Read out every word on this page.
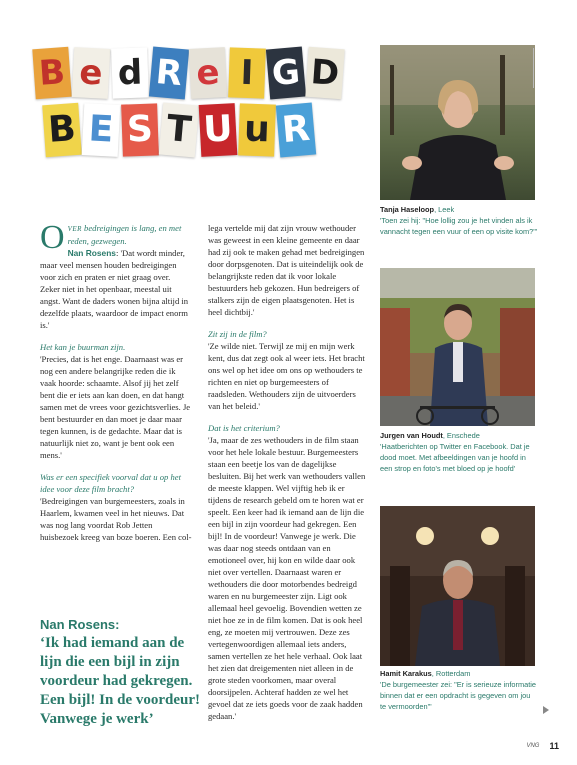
B e d R e I G D
B E S T U u R

OVER bedreigingen is lang, en met reden, gezwegen.
Nan Rosens: 'Dat wordt minder, maar veel mensen houden bedreigingen voor zich en praten er niet graag over. Zeker niet in het openbaar, meestal uit angst. Want de daders wonen bijna altijd in dezelfde plaats, waardoor de impact enorm is.'

Het kan je buurman zijn.
'Precies, dat is het enge. Daarnaast was er nog een andere belangrijke reden die ik vaak hoorde: schaamte. Alsof jij het zelf bent die er iets aan kan doen, en dat hangt samen met de vrees voor gezichtsverlies. Je bent bestuurder en dan moet je daar maar tegen kunnen, is de gedachte. Maar dat is natuurlijk niet zo, want je bent ook een mens.'

Was er een specifiek voorval dat u op het idee voor deze film bracht?
'Bedreigingen van burgemeesters, zoals in Haarlem, kwamen veel in het nieuws. Dat was nog lang voordat Rob Jetten huisbezoek kreeg van boze boeren. Een col-

Nan Rosens:
‘Ik had iemand aan de lijn die een bijl in zijn voordeur had gekregen. Een bijl! In de voordeur! Vanwege je werk’

lega vertelde mij dat zijn vrouw wethouder was geweest in een kleine gemeente en daar had zij ook te maken gehad met bedreigingen door dorpsgenoten. Dat is uiteindelijk ook de belangrijkste reden dat ik voor lokale bestuurders heb gekozen. Hun bedreigers of stalkers zijn de eigen plaatsgenoten. Het is heel dichtbij.'

Zit zij in de film?
'Ze wilde niet. Terwijl ze mij en mijn werk kent, dus dat zegt ook al weer iets. Het bracht ons wel op het idee om ons op wethouders te richten en niet op burgemeesters of raadsleden. Wethouders zijn de uitvoerders van het beleid.'

Dat is het criterium?
'Ja, maar de zes wethouders in de film staan voor het hele lokale bestuur. Burgemeesters staan een beetje los van de dagelijkse besluiten. Bij het werk van wethouders vallen de meeste klappen. Wel vijftig heb ik er tijdens de research gebeld om te horen wat er speelt. Een keer had ik iemand aan de lijn die een bijl in zijn voordeur had gekregen. Een bijl! In de voordeur! Vanwege je werk. Die was daar nog steeds ontdaan van en emotioneel over, hij kon en wilde daar ook niet over vertellen. Daarnaast waren er wethouders die door motorbendes bedreigd waren en nu burgemeester zijn. Ligt ook allemaal heel gevoelig. Bovendien wetten ze niet hoe ze in de film komen. Dat is ook heel eng, ze moeten mij vertrouwen. Deze zes vertegenwoordigen allemaal iets anders, samen vertellen ze het hele verhaal. Ook laat het zien dat dreigementen niet alleen in de grote steden voorkomen, maar overal doorsijpelen. Achteraf hadden ze wel het gevoel dat ze iets goeds voor de zaak hadden gedaan.'

Tanja Haseloop, Leek
'Toen zei hij: "Hoe lollig zou je het vinden als ik vannacht tegen een vuur of een op visite kom?"'
Jurgen van Houdt, Enschede
'Haatberichten op Twitter en Facebook. Dat je dood moet. Met afbeeldingen van je hoofd in een strop en foto's met bloed op je hoofd'
Hamit Karakus, Rotterdam
'De burgemeester zei: "Er is serieuze informatie binnen dat er een opdracht is gegeven om jou te vermoorden"'
VNG 11
